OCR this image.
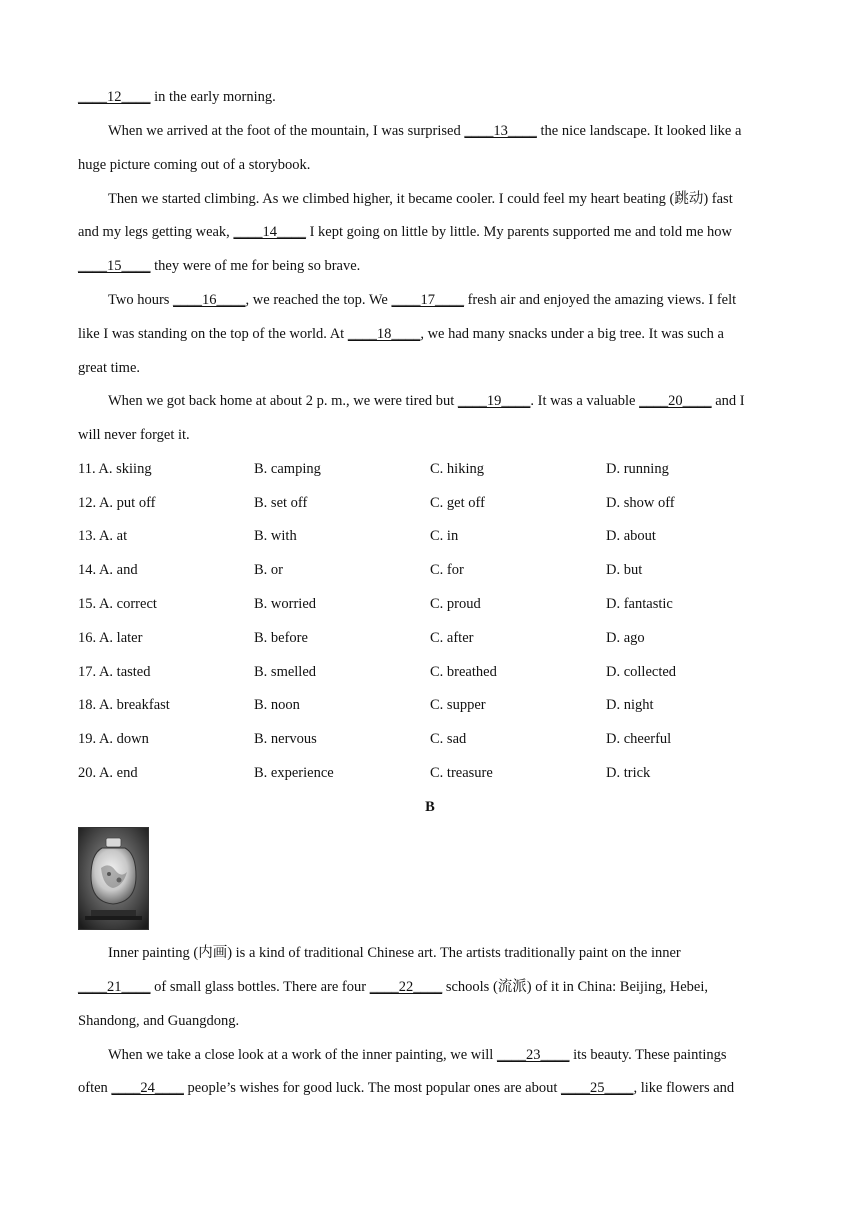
____12____ in the early morning.
When we arrived at the foot of the mountain, I was surprised ____13____ the nice landscape. It looked like a
huge picture coming out of a storybook.
Then we started climbing. As we climbed higher, it became cooler. I could feel my heart beating (跳动) fast
and my legs getting weak, ____14____ I kept going on little by little. My parents supported me and told me how
____15____ they were of me for being so brave.
Two hours ____16____, we reached the top. We ____17____ fresh air and enjoyed the amazing views. I felt
like I was standing on the top of the world. At ____18____, we had many snacks under a big tree. It was such a
great time.
When we got back home at about 2 p. m., we were tired but ____19____. It was a valuable ____20____ and I
will never forget it.
11. A. skiing	B. camping	C. hiking	D. running
12. A. put off	B. set off	C. get off	D. show off
13. A. at	B. with	C. in	D. about
14. A. and	B. or	C. for	D. but
15. A. correct	B. worried	C. proud	D. fantastic
16. A. later	B. before	C. after	D. ago
17. A. tasted	B. smelled	C. breathed	D. collected
18. A. breakfast	B. noon	C. supper	D. night
19. A. down	B. nervous	C. sad	D. cheerful
20. A. end	B. experience	C. treasure	D. trick
B
Inner painting (内画) is a kind of traditional Chinese art. The artists traditionally paint on the inner
____21____ of small glass bottles. There are four ____22____ schools (流派) of it in China: Beijing, Hebei,
Shandong, and Guangdong.
When we take a close look at a work of the inner painting, we will ____23____ its beauty. These paintings
often ____24____ people’s wishes for good luck. The most popular ones are about ____25____, like flowers and
